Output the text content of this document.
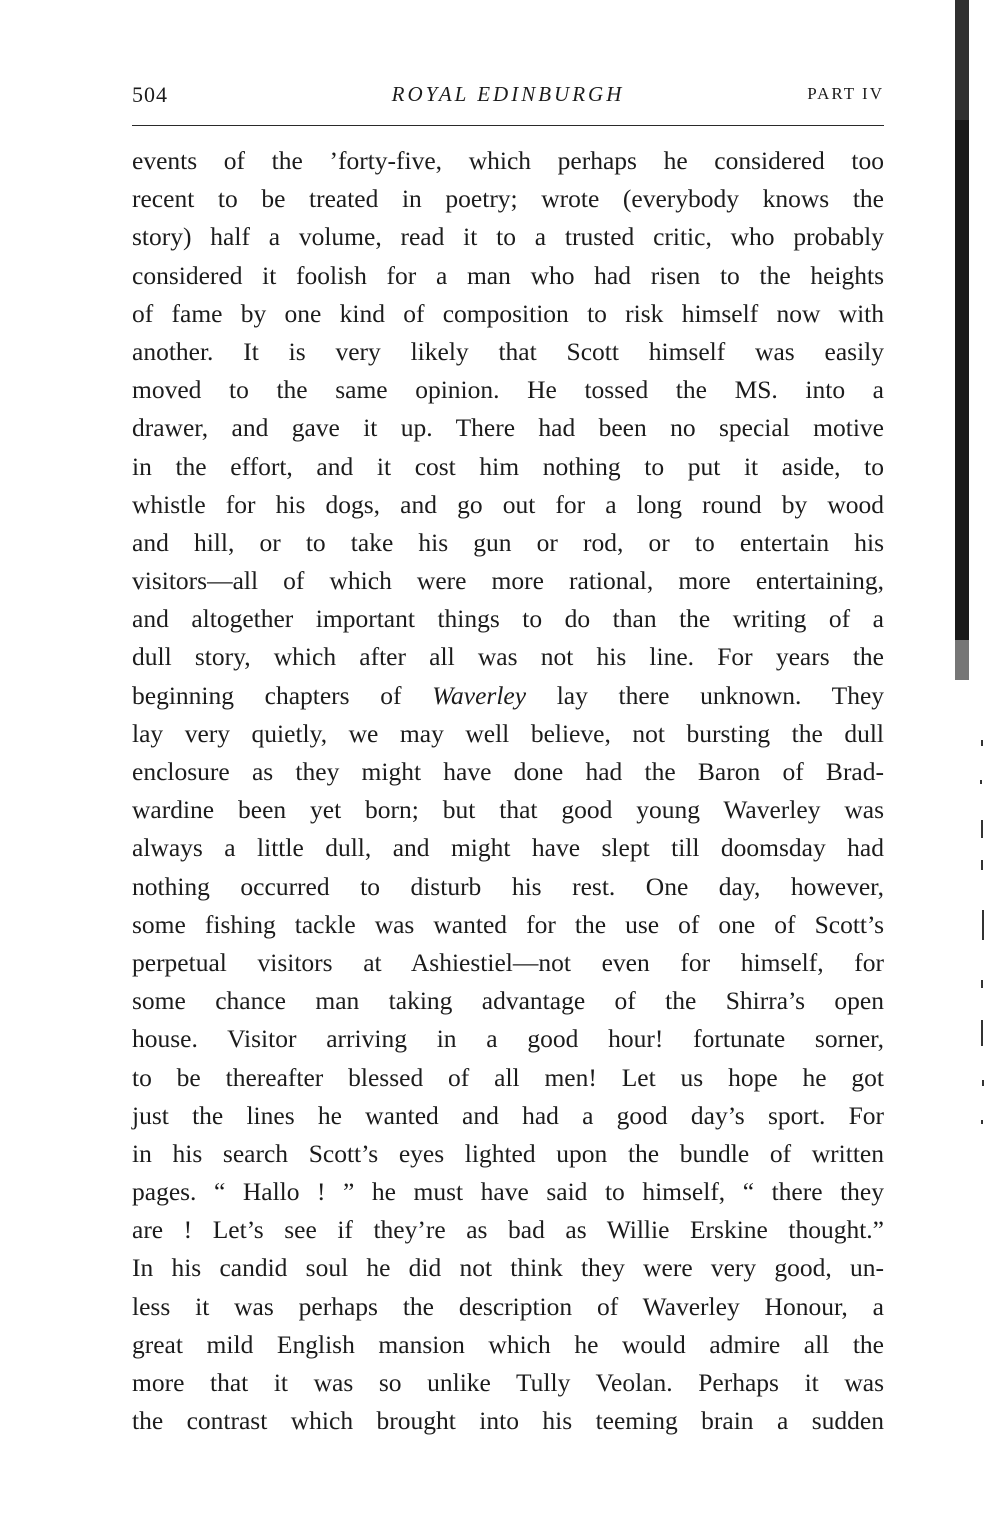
504	ROYAL EDINBURGH	PART IV
events of the ’forty-five, which perhaps he considered too
recent to be treated in poetry; wrote (everybody knows the
story) half a volume, read it to a trusted critic, who probably
considered it foolish for a man who had risen to the heights
of fame by one kind of composition to risk himself now with
another. It is very likely that Scott himself was easily
moved to the same opinion. He tossed the MS. into a
drawer, and gave it up. There had been no special motive
in the effort, and it cost him nothing to put it aside, to
whistle for his dogs, and go out for a long round by wood
and hill, or to take his gun or rod, or to entertain his
visitors—all of which were more rational, more entertaining,
and altogether important things to do than the writing of a
dull story, which after all was not his line. For years the
beginning chapters of Waverley lay there unknown. They
lay very quietly, we may well believe, not bursting the dull
enclosure as they might have done had the Baron of Brad-
wardine been yet born; but that good young Waverley was
always a little dull, and might have slept till doomsday had
nothing occurred to disturb his rest. One day, however,
some fishing tackle was wanted for the use of one of Scott’s
perpetual visitors at Ashiestiel—not even for himself, for
some chance man taking advantage of the Shirra’s open
house. Visitor arriving in a good hour! fortunate sorner,
to be thereafter blessed of all men! Let us hope he got
just the lines he wanted and had a good day’s sport. For
in his search Scott’s eyes lighted upon the bundle of written
pages. “ Hallo ! ” he must have said to himself, “ there they
are ! Let’s see if they’re as bad as Willie Erskine thought.”
In his candid soul he did not think they were very good, un-
less it was perhaps the description of Waverley Honour, a
great mild English mansion which he would admire all the
more that it was so unlike Tully Veolan. Perhaps it was
the contrast which brought into his teeming brain a sudden
